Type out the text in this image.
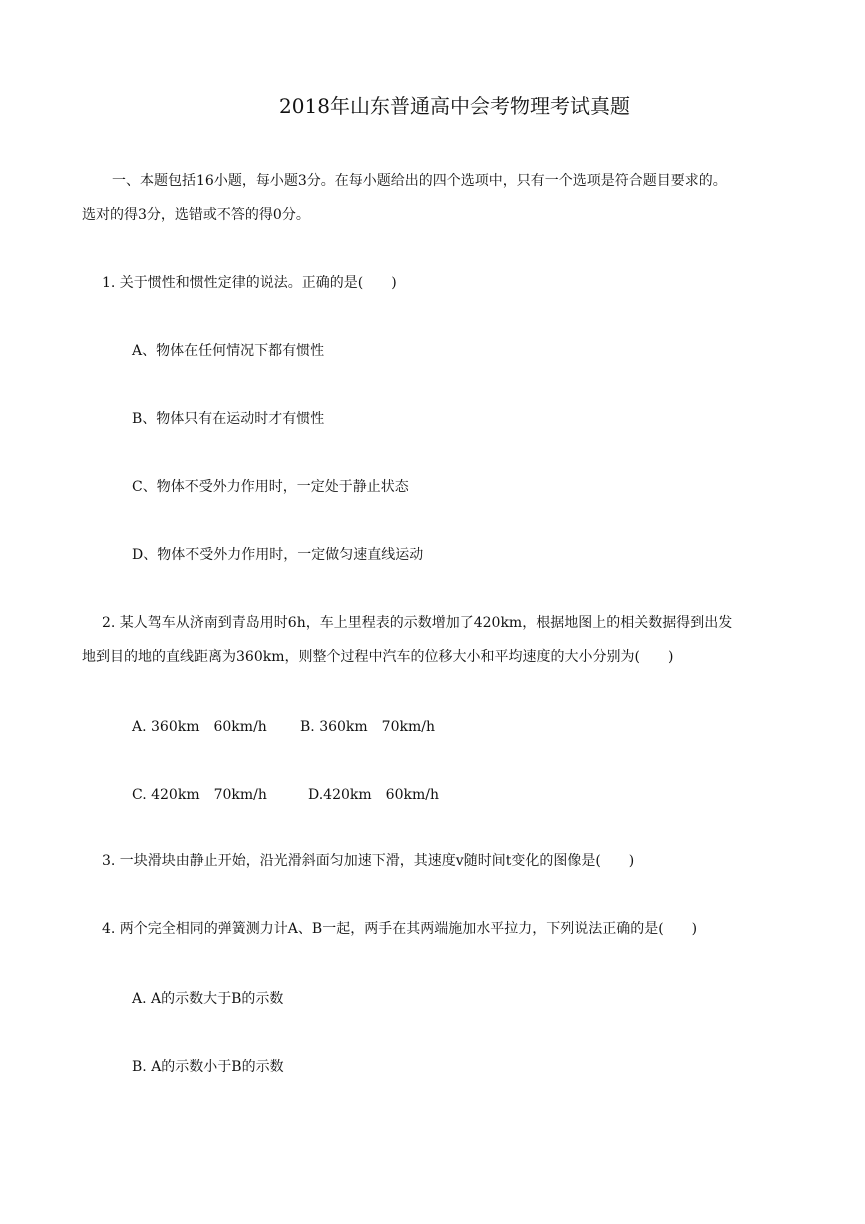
2018年山东普通高中会考物理考试真题
一、本题包括16小题，每小题3分。在每小题给出的四个选项中，只有一个选项是符合题目要求的。
选对的得3分，选错或不答的得0分。
1. 关于惯性和惯性定律的说法。正确的是(　　)
A、物体在任何情况下都有惯性
B、物体只有在运动时才有惯性
C、物体不受外力作用时，一定处于静止状态
D、物体不受外力作用时，一定做匀速直线运动
2. 某人驾车从济南到青岛用时6h，车上里程表的示数增加了420km，根据地图上的相关数据得到出发
地到目的地的直线距离为360km，则整个过程中汽车的位移大小和平均速度的大小分别为(　　)
A. 360km　60km/h B. 360km　70km/h
C. 420km　70km/h	D.420km　60km/h
3. 一块滑块由静止开始，沿光滑斜面匀加速下滑，其速度v随时间t变化的图像是(　　)
4. 两个完全相同的弹簧测力计A、B一起，两手在其两端施加水平拉力，下列说法正确的是(　　)
A. A的示数大于B的示数
B. A的示数小于B的示数
